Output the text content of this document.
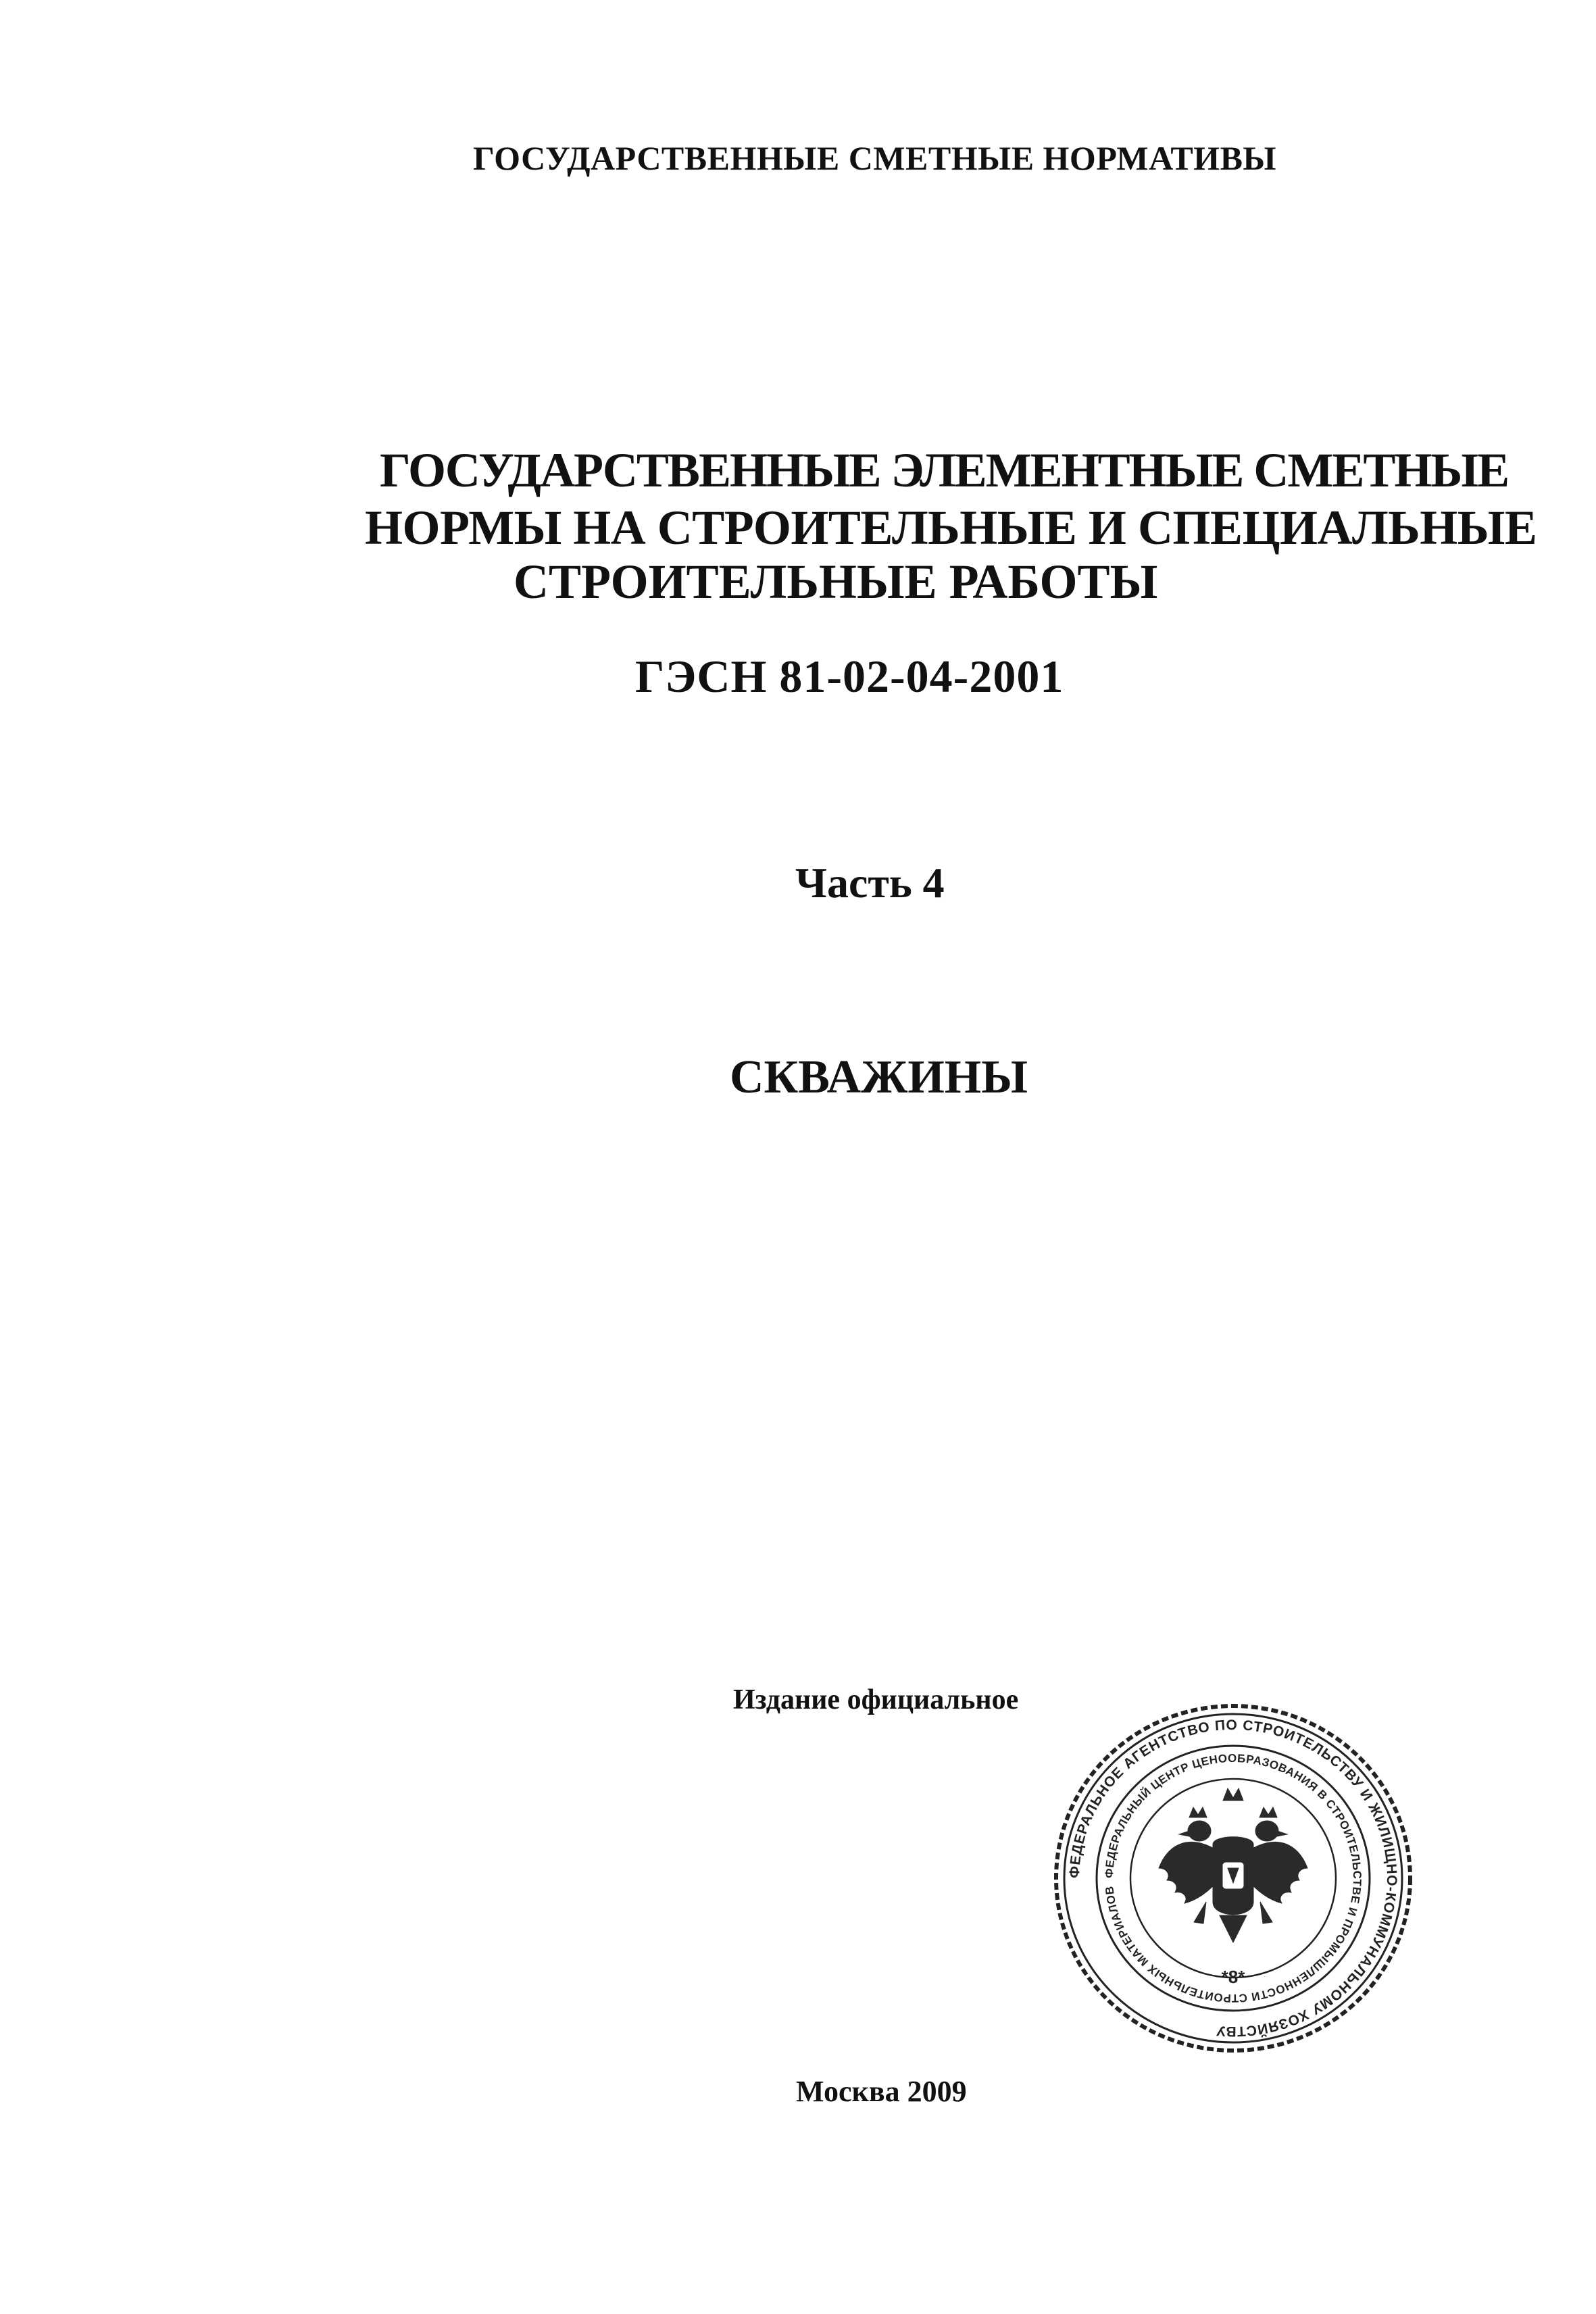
ГОСУДАРСТВЕННЫЕ СМЕТНЫЕ НОРМАТИВЫ

ГОСУДАРСТВЕННЫЕ ЭЛЕМЕНТНЫЕ СМЕТНЫЕ

НОРМЫ НА СТРОИТЕЛЬНЫЕ И СПЕЦИАЛЬНЫЕ

СТРОИТЕЛЬНЫЕ РАБОТЫ

ГЭСН 81-02-04-2001

Часть 4

СКВАЖИНЫ

Издание официальное

Москва 2009

ФЕДЕРАЛЬНОЕ АГЕНТСТВО ПО СТРОИТЕЛЬСТВУ И ЖИЛИЩНО-КОММУНАЛЬНОМУ ХОЗЯЙСТВУ
ФЕДЕРАЛЬНЫЙ ЦЕНТР ЦЕНООБРАЗОВАНИЯ В СТРОИТЕЛЬСТВЕ И ПРОМЫШЛЕННОСТИ СТРОИТЕЛЬНЫХ МАТЕРИАЛОВ
*8*
